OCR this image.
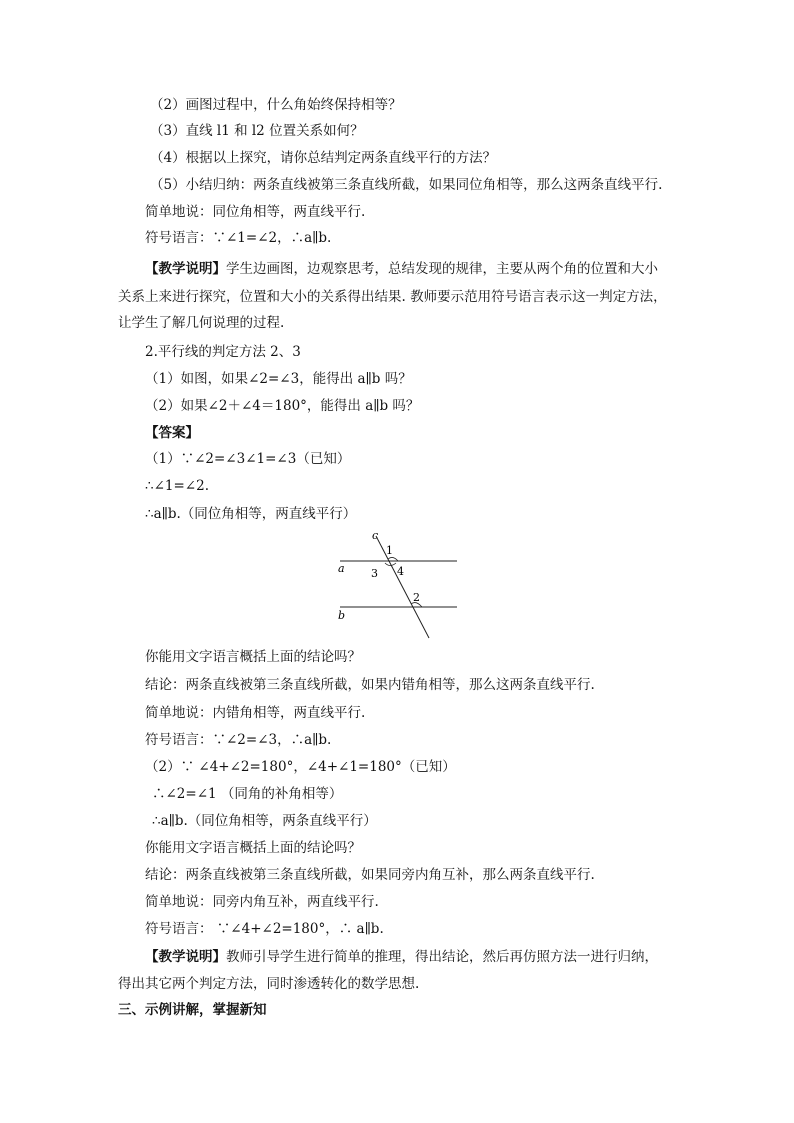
（2）画图过程中，什么角始终保持相等？
（3）直线 l1 和 l2 位置关系如何？
（4）根据以上探究，请你总结判定两条直线平行的方法？
（5）小结归纳：两条直线被第三条直线所截，如果同位角相等，那么这两条直线平行.
简单地说：同位角相等，两直线平行.
符号语言：∵∠1=∠2，∴a∥b.
【教学说明】学生边画图，边观察思考，总结发现的规律，主要从两个角的位置和大小
关系上来进行探究，位置和大小的关系得出结果. 教师要示范用符号语言表示这一判定方法，
让学生了解几何说理的过程.
2.平行线的判定方法 2、3
（1）如图，如果∠2=∠3，能得出 a∥b 吗？
（2）如果∠2＋∠4＝180°，能得出 a∥b 吗？
【答案】
（1）∵∠2=∠3∠1=∠3（已知）
∴∠1=∠2.
∴a∥b.（同位角相等，两直线平行）
c
a
b
1
3 4
2
你能用文字语言概括上面的结论吗？
结论：两条直线被第三条直线所截，如果内错角相等，那么这两条直线平行.
简单地说：内错角相等，两直线平行.
符号语言：∵∠2=∠3，∴a∥b.
（2）∵ ∠4+∠2=180°，∠4+∠1=180°（已知）
∴∠2=∠1 （同角的补角相等）
∴a∥b.（同位角相等，两条直线平行）
你能用文字语言概括上面的结论吗？
结论：两条直线被第三条直线所截，如果同旁内角互补，那么两条直线平行.
简单地说：同旁内角互补，两直线平行.
符号语言： ∵∠4+∠2=180°，∴ a∥b.
【教学说明】教师引导学生进行简单的推理，得出结论，然后再仿照方法一进行归纳，
得出其它两个判定方法，同时渗透转化的数学思想.
三、示例讲解，掌握新知
